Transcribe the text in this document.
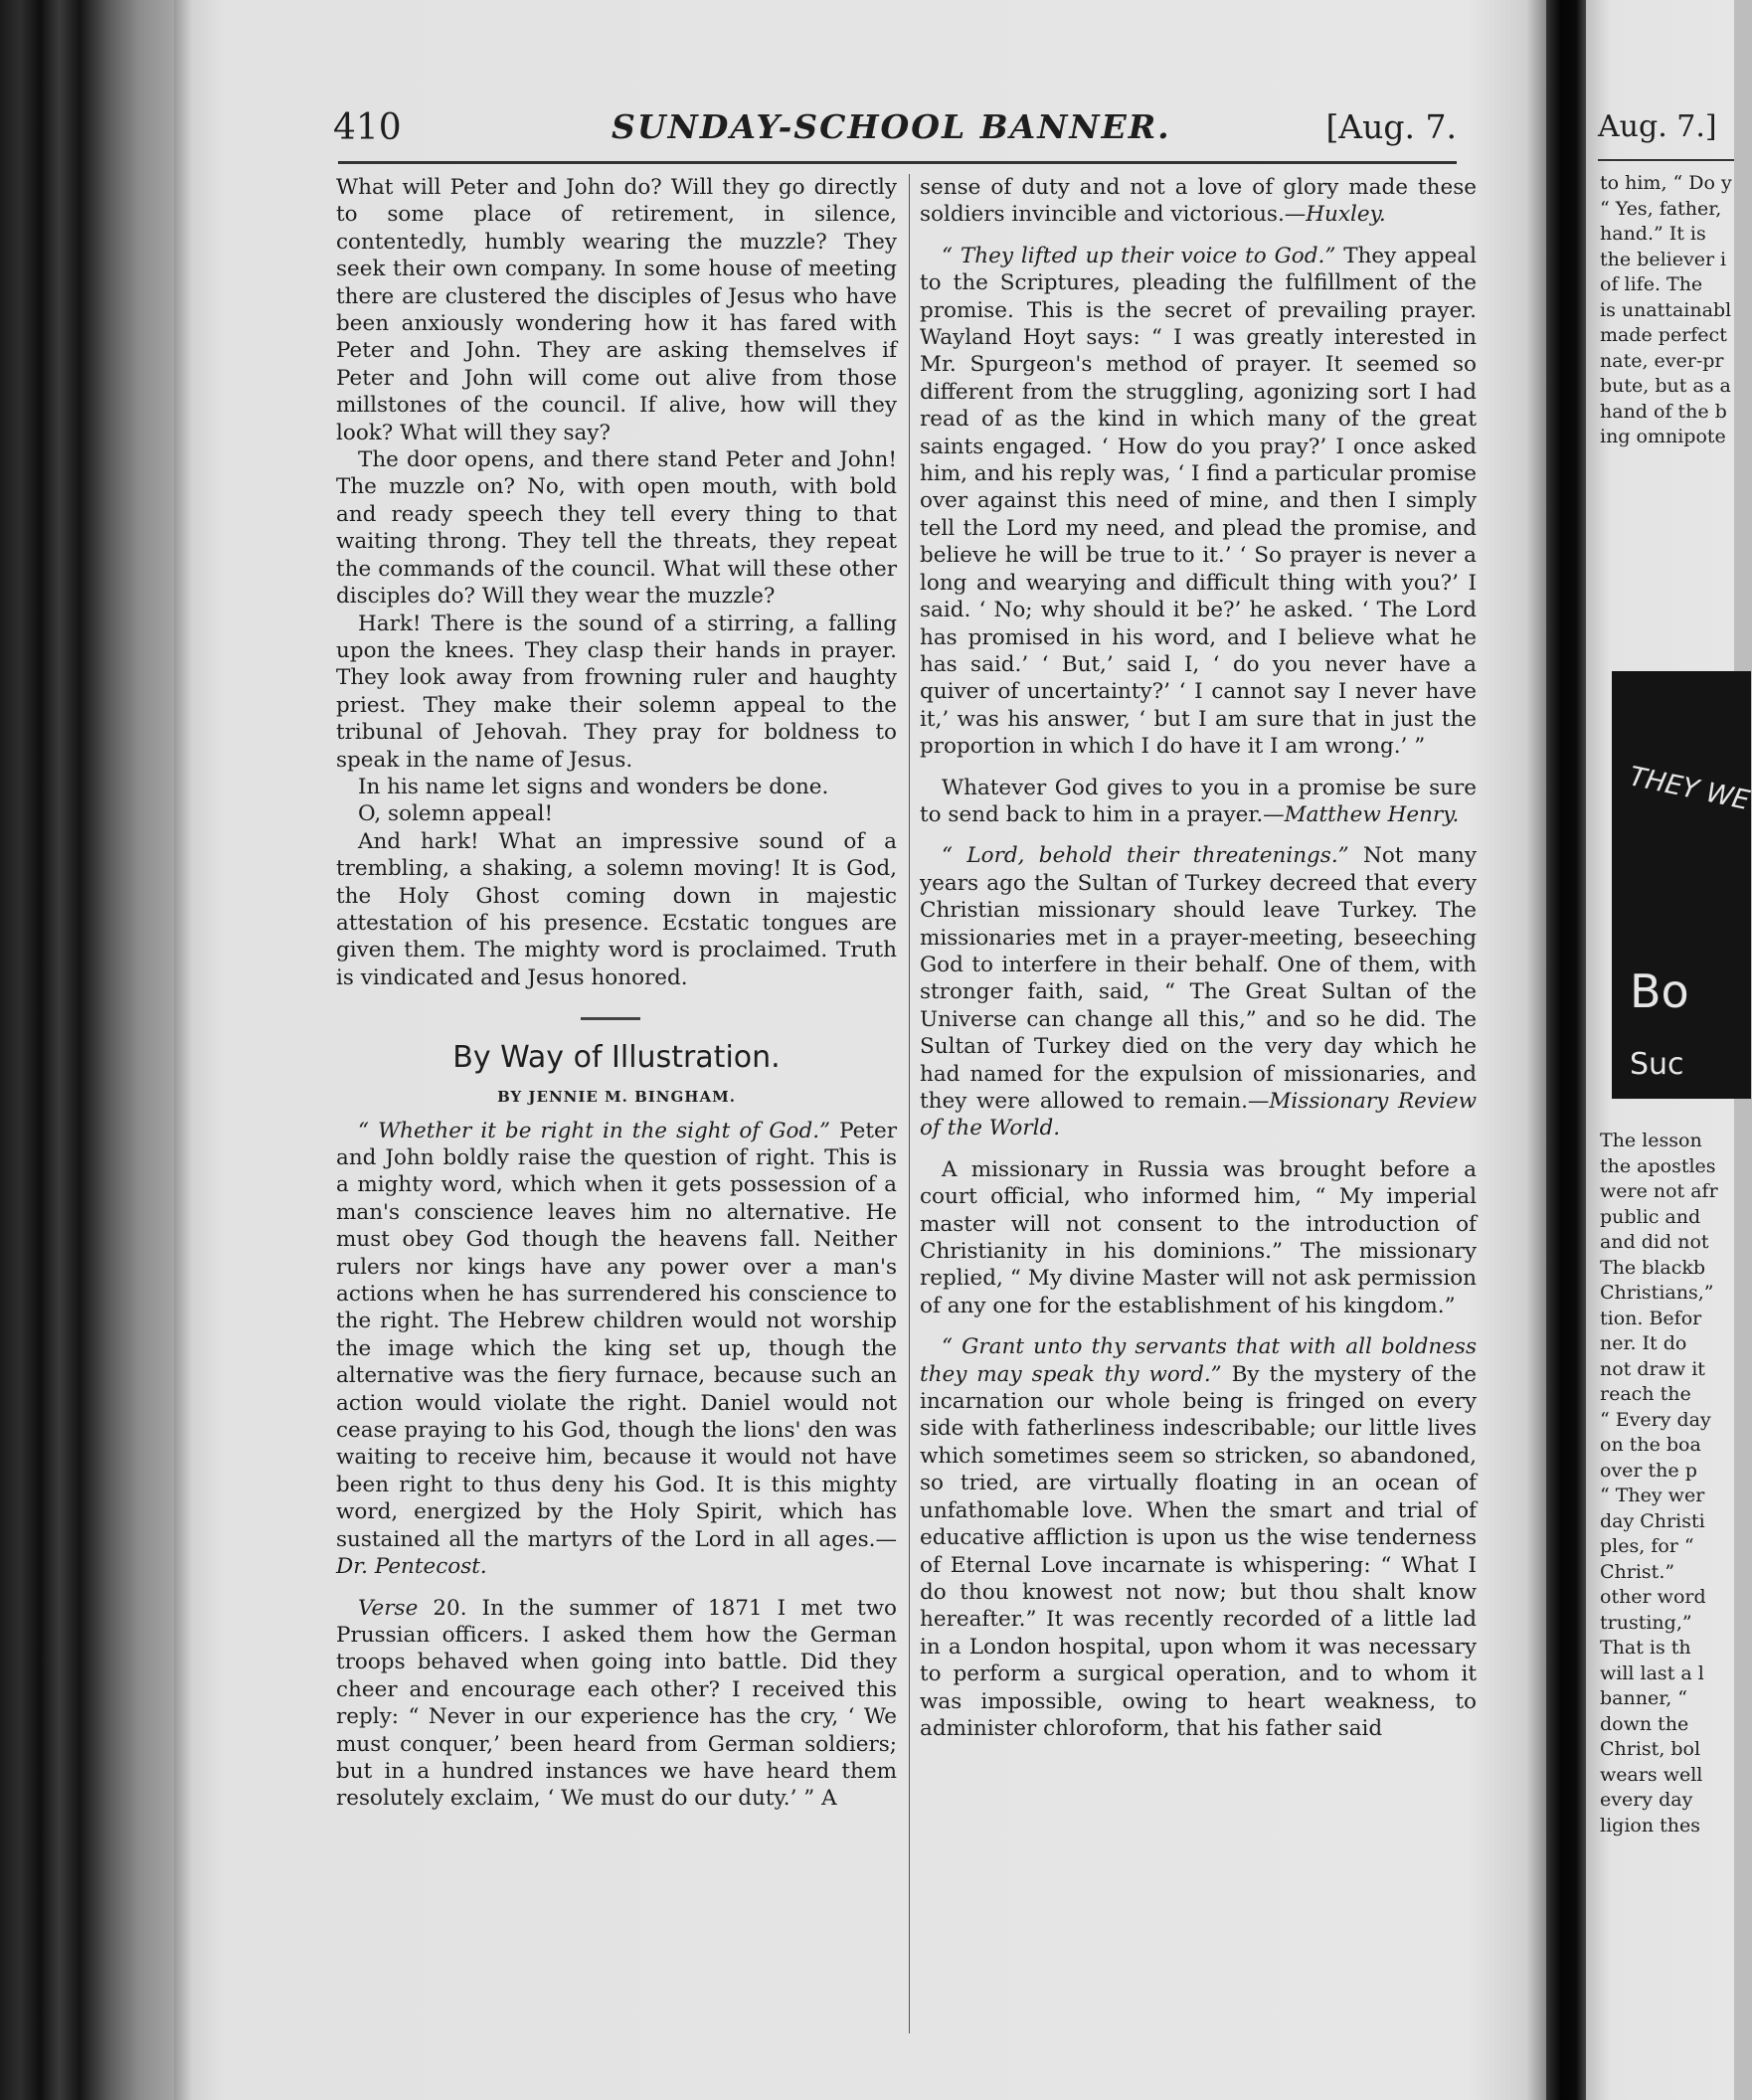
410	SUNDAY-SCHOOL BANNER.	[Aug. 7.

What will Peter and John do? Will they go directly to some place of retirement, in silence, contentedly, humbly wearing the muzzle? They seek their own company. In some house of meeting there are clustered the disciples of Jesus who have been anxiously wondering how it has fared with Peter and John. They are asking themselves if Peter and John will come out alive from those millstones of the council. If alive, how will they look? What will they say?

The door opens, and there stand Peter and John! The muzzle on? No, with open mouth, with bold and ready speech they tell every thing to that waiting throng. They tell the threats, they repeat the commands of the council. What will these other disciples do? Will they wear the muzzle?

Hark! There is the sound of a stirring, a falling upon the knees. They clasp their hands in prayer. They look away from frowning ruler and haughty priest. They make their solemn appeal to the tribunal of Jehovah. They pray for boldness to speak in the name of Jesus.

In his name let signs and wonders be done.

O, solemn appeal!

And hark! What an impressive sound of a trembling, a shaking, a solemn moving! It is God, the Holy Ghost coming down in majestic attestation of his presence. Ecstatic tongues are given them. The mighty word is proclaimed. Truth is vindicated and Jesus honored.

By Way of Illustration.
BY JENNIE M. BINGHAM.

“ Whether it be right in the sight of God.” Peter and John boldly raise the question of right. This is a mighty word, which when it gets possession of a man's conscience leaves him no alternative. He must obey God though the heavens fall. Neither rulers nor kings have any power over a man's actions when he has surrendered his conscience to the right. The Hebrew children would not worship the image which the king set up, though the alternative was the fiery furnace, because such an action would violate the right. Daniel would not cease praying to his God, though the lions' den was waiting to receive him, because it would not have been right to thus deny his God. It is this mighty word, energized by the Holy Spirit, which has sustained all the martyrs of the Lord in all ages.—Dr. Pentecost.

Verse 20. In the summer of 1871 I met two Prussian officers. I asked them how the German troops behaved when going into battle. Did they cheer and encourage each other? I received this reply: “ Never in our experience has the cry, ‘ We must conquer,’ been heard from German soldiers; but in a hundred instances we have heard them resolutely exclaim, ‘ We must do our duty.’ ” A

sense of duty and not a love of glory made these soldiers invincible and victorious.—Huxley.

“ They lifted up their voice to God.” They appeal to the Scriptures, pleading the fulfillment of the promise. This is the secret of prevailing prayer. Wayland Hoyt says: “ I was greatly interested in Mr. Spurgeon's method of prayer. It seemed so different from the struggling, agonizing sort I had read of as the kind in which many of the great saints engaged. ‘ How do you pray?’ I once asked him, and his reply was, ‘ I find a particular promise over against this need of mine, and then I simply tell the Lord my need, and plead the promise, and believe he will be true to it.’ ‘ So prayer is never a long and wearying and difficult thing with you?’ I said. ‘ No; why should it be?’ he asked. ‘ The Lord has promised in his word, and I believe what he has said.’ ‘ But,’ said I, ‘ do you never have a quiver of uncertainty?’ ‘ I cannot say I never have it,’ was his answer, ‘ but I am sure that in just the proportion in which I do have it I am wrong.’ ”

Whatever God gives to you in a promise be sure to send back to him in a prayer.—Matthew Henry.

“ Lord, behold their threatenings.” Not many years ago the Sultan of Turkey decreed that every Christian missionary should leave Turkey. The missionaries met in a prayer-meeting, beseeching God to interfere in their behalf. One of them, with stronger faith, said, “ The Great Sultan of the Universe can change all this,” and so he did. The Sultan of Turkey died on the very day which he had named for the expulsion of missionaries, and they were allowed to remain.—Missionary Review of the World.

A missionary in Russia was brought before a court official, who informed him, “ My imperial master will not consent to the introduction of Christianity in his dominions.” The missionary replied, “ My divine Master will not ask permission of any one for the establishment of his kingdom.”

“ Grant unto thy servants that with all boldness they may speak thy word.” By the mystery of the incarnation our whole being is fringed on every side with fatherliness indescribable; our little lives which sometimes seem so stricken, so abandoned, so tried, are virtually floating in an ocean of unfathomable love. When the smart and trial of educative affliction is upon us the wise tenderness of Eternal Love incarnate is whispering: “ What I do thou knowest not now; but thou shalt know hereafter.” It was recently recorded of a little lad in a London hospital, upon whom it was necessary to perform a surgical operation, and to whom it was impossible, owing to heart weakness, to administer chloroform, that his father said

Aug. 7.]
to him, “ Do y
“ Yes, father,
hand.” It is
the believer i
of life. The
is unattainabl
made perfect
nate, ever-pr
bute, but as a
hand of the b
ing omnipote
THEY WE
Bo
Suc
The lesson
the apostles
were not afr
public and
and did not
The blackb
Christians,”
tion. Befor
ner. It do
not draw it
reach the
“ Every day
on the boa
over the p
“ They wer
day Christi
ples, for “
Christ.”
other word
trusting,”
That is th
will last a l
banner, “
down the
Christ, bol
wears well
every day
ligion thes
